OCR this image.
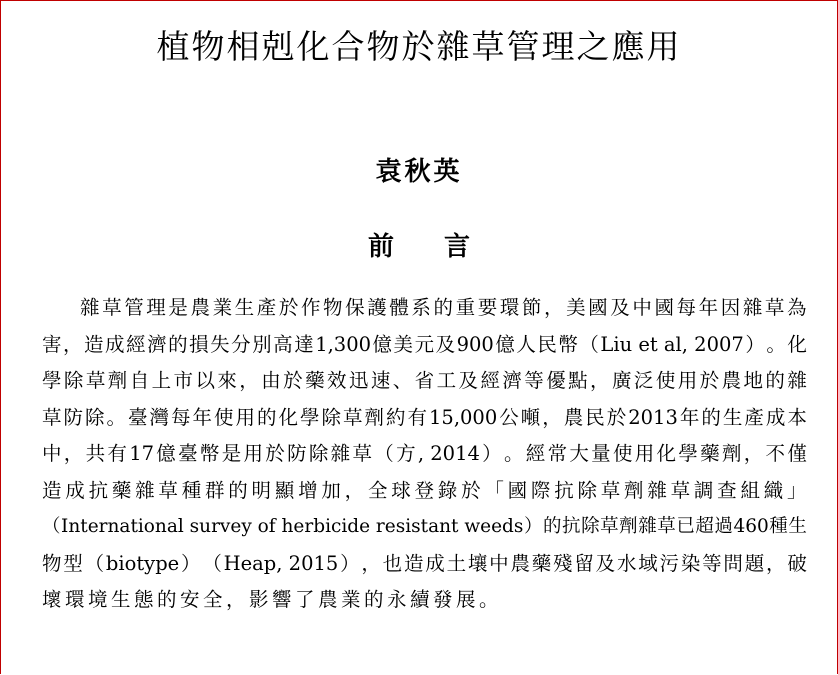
植物相剋化合物於雜草管理之應用
袁秋英
前言
雜 草 管 理 是 農 業 生 產 於 作 物 保 護 體 系 的 重 要 環 節 ， 美 國 及 中 國 每 年 因 雜 草 為
害 ， 造 成 經 濟 的 損 失 分 別 高 達 1,300 億 美 元 及 900 億 人 民 幣 （ Liu et al, 2007 ） 。 化
學 除 草 劑 自 上 市 以 來 ， 由 於 藥 效 迅 速 、 省 工 及 經 濟 等 優 點 ， 廣 泛 使 用 於 農 地 的 雜
草 防 除 。 臺 灣 每 年 使 用 的 化 學 除 草 劑 約 有 15,000 公 噸 ， 農 民 於 2013 年 的 生 產 成 本
中 ， 共 有 17 億 臺 幣 是 用 於 防 除 雜 草 （ 方 , 2014 ） 。 經 常 大 量 使 用 化 學 藥 劑 ， 不 僅
造 成 抗 藥 雜 草 種 群 的 明 顯 增 加 ， 全 球 登 錄 於 「 國 際 抗 除 草 劑 雜 草 調 查 組 織 」
（ International survey of herbicide resistant weeds ） 的 抗 除 草 劑 雜 草 已 超 過 460 種 生
物 型 （ biotype ） （ Heap, 2015 ） ， 也 造 成 土 壤 中 農 藥 殘 留 及 水 域 污 染 等 問 題 ， 破
壞環境生態的安全，影響了農業的永續發展。
